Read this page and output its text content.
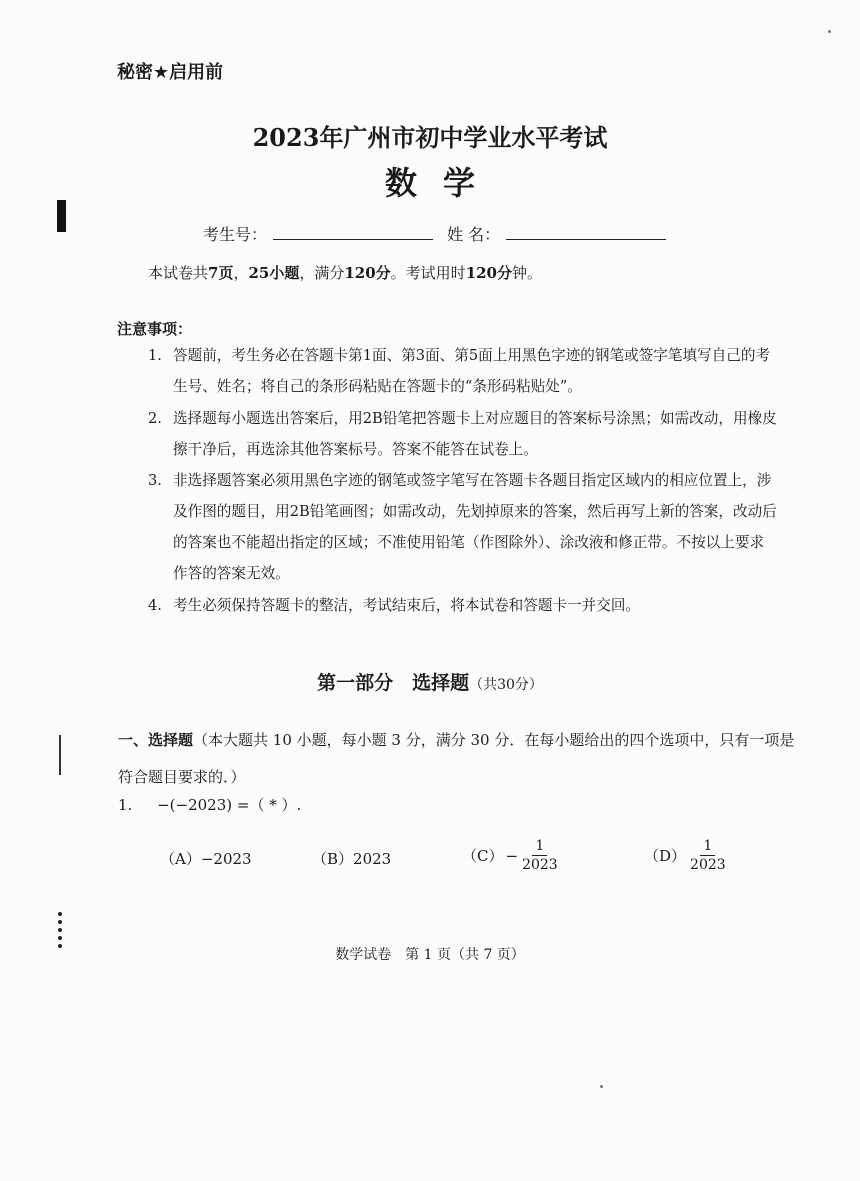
秘密★启用前
2023年广州市初中学业水平考试
数学
考生号：	姓 名：
本试卷共7页，25小题，满分120分。考试用时120分钟。
注意事项：
1. 答题前，考生务必在答题卡第1面、第3面、第5面上用黑色字迹的钢笔或签字笔填写自己的考生号、姓名；将自己的条形码粘贴在答题卡的“条形码粘贴处”。
2. 选择题每小题选出答案后，用2B铅笔把答题卡上对应题目的答案标号涂黑；如需改动，用橡皮擦干净后，再选涂其他答案标号。答案不能答在试卷上。
3. 非选择题答案必须用黑色字迹的钢笔或签字笔写在答题卡各题目指定区域内的相应位置上，涉及作图的题目，用2B铅笔画图；如需改动，先划掉原来的答案，然后再写上新的答案，改动后的答案也不能超出指定的区域；不准使用铅笔（作图除外）、涂改液和修正带。不按以上要求作答的答案无效。
4. 考生必须保持答题卡的整洁，考试结束后，将本试卷和答题卡一并交回。
第一部分　选择题（共30分）
一、选择题（本大题共 10 小题，每小题 3 分，满分 30 分．在每小题给出的四个选项中，只有一项是符合题目要求的．）
1. −(−2023) =（ * ）.
（A） −2023	（B） 2023	$(C) - \frac{1}{2023}$	$(D) \frac{1}{2023}$
数学试卷　第 1 页（共 7 页）
